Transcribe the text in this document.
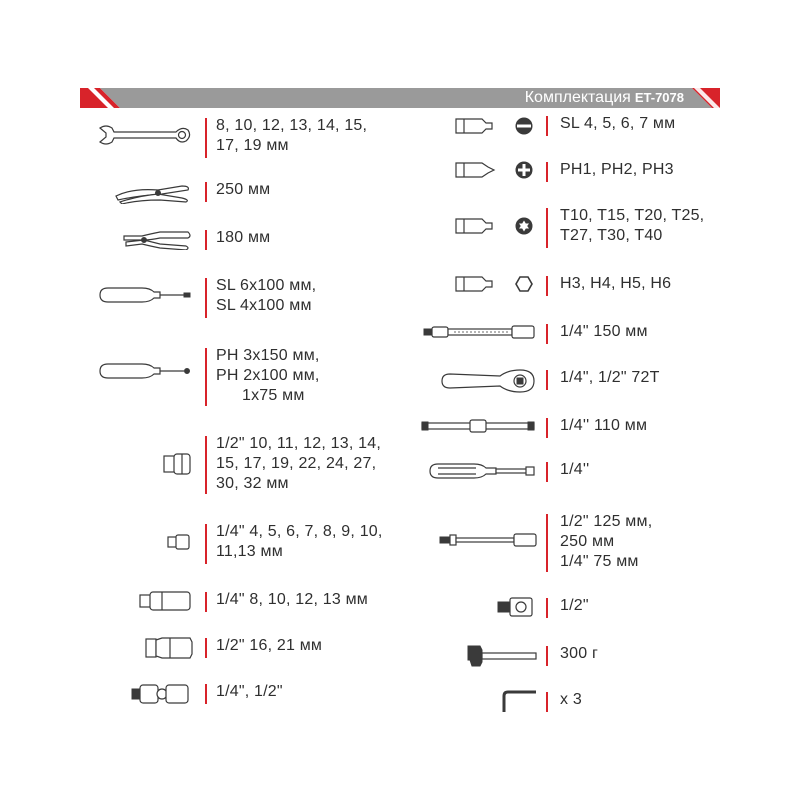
Комплектация ET-7078
8, 10, 12, 13, 14, 15,
17, 19 мм
250 мм
180 мм
SL 6x100 мм,
SL 4x100 мм
PH 3x150 мм,
PH 2x100 мм,
1x75 мм
1/2" 10, 11, 12, 13, 14,
15, 17, 19, 22, 24, 27,
30, 32 мм
1/4" 4, 5, 6, 7, 8, 9, 10,
11,13 мм
1/4" 8, 10, 12, 13 мм
1/2" 16, 21 мм
1/4", 1/2"
SL 4, 5, 6, 7 мм
PH1, PH2, PH3
T10, T15, T20, T25,
T27, T30, T40
H3, H4, H5, H6
1/4" 150 мм
1/4", 1/2" 72T
1/4'' 110 мм
1/4''
1/2" 125 мм,
250 мм
1/4" 75 мм
1/2"
300 г
x 3
